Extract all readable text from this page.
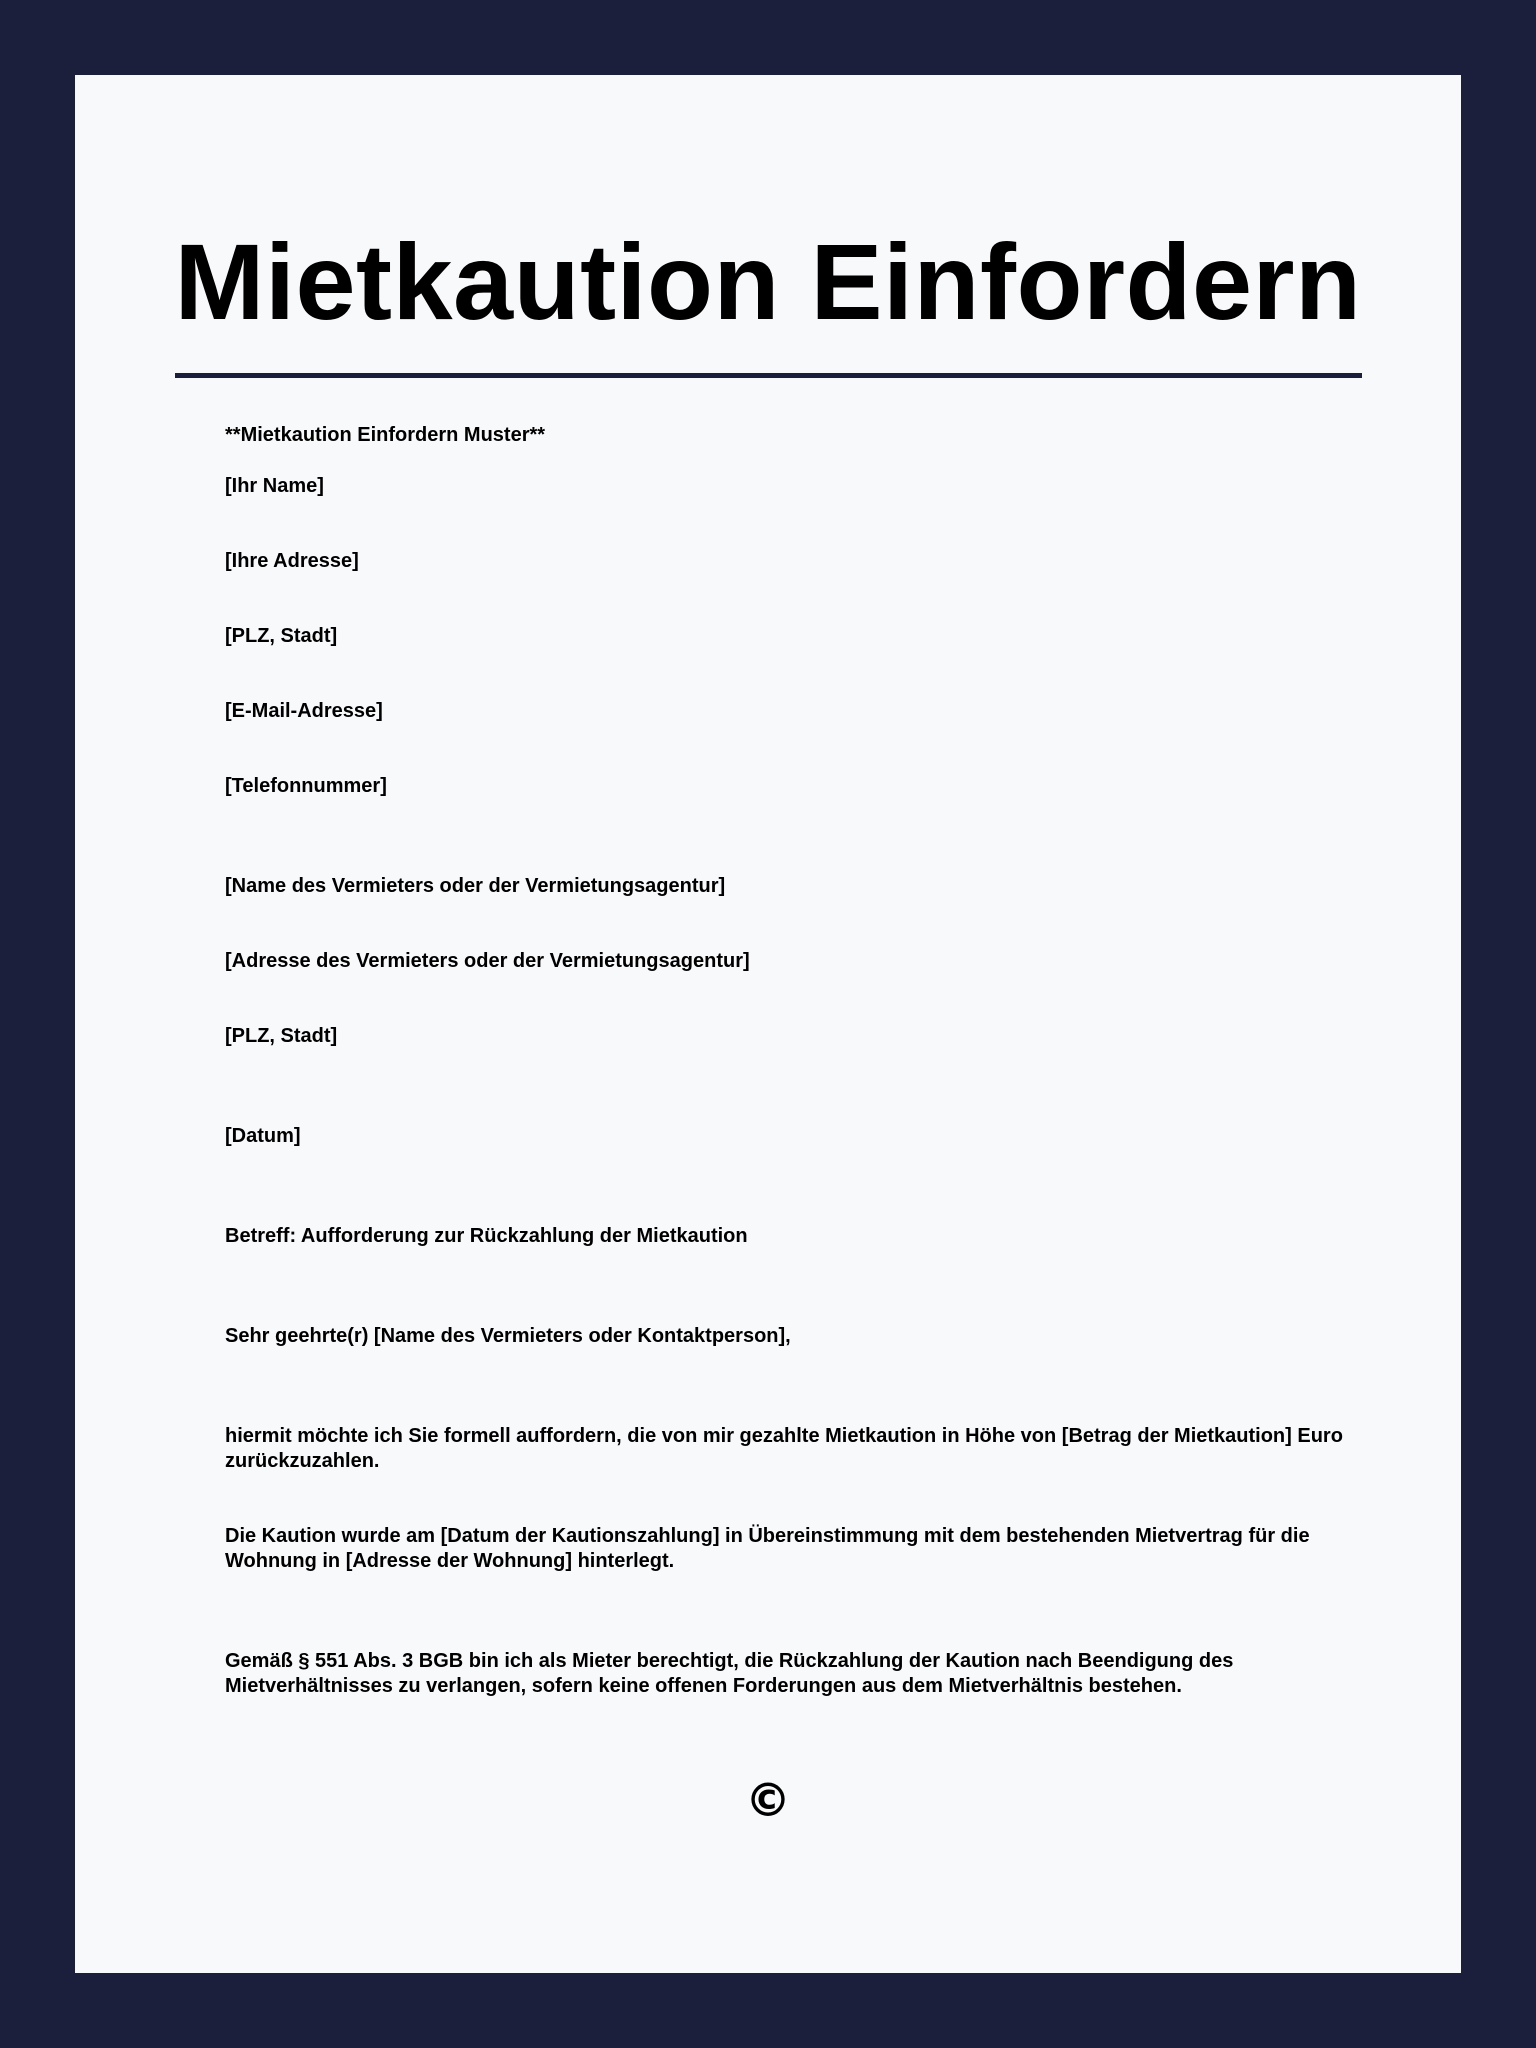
Mietkaution Einfordern

**Mietkaution Einfordern Muster**

[Ihr Name]

[Ihre Adresse]

[PLZ, Stadt]

[E-Mail-Adresse]

[Telefonnummer]

[Name des Vermieters oder der Vermietungsagentur]

[Adresse des Vermieters oder der Vermietungsagentur]

[PLZ, Stadt]

[Datum]

Betreff: Aufforderung zur Rückzahlung der Mietkaution

Sehr geehrte(r) [Name des Vermieters oder Kontaktperson],

hiermit möchte ich Sie formell auffordern, die von mir gezahlte Mietkaution in Höhe von [Betrag der Mietkaution] Euro zurückzuzahlen.

Die Kaution wurde am [Datum der Kautionszahlung] in Übereinstimmung mit dem bestehenden Mietvertrag für die Wohnung in [Adresse der Wohnung] hinterlegt.

Gemäß § 551 Abs. 3 BGB bin ich als Mieter berechtigt, die Rückzahlung der Kaution nach Beendigung des Mietverhältnisses zu verlangen, sofern keine offenen Forderungen aus dem Mietverhältnis bestehen.

©
